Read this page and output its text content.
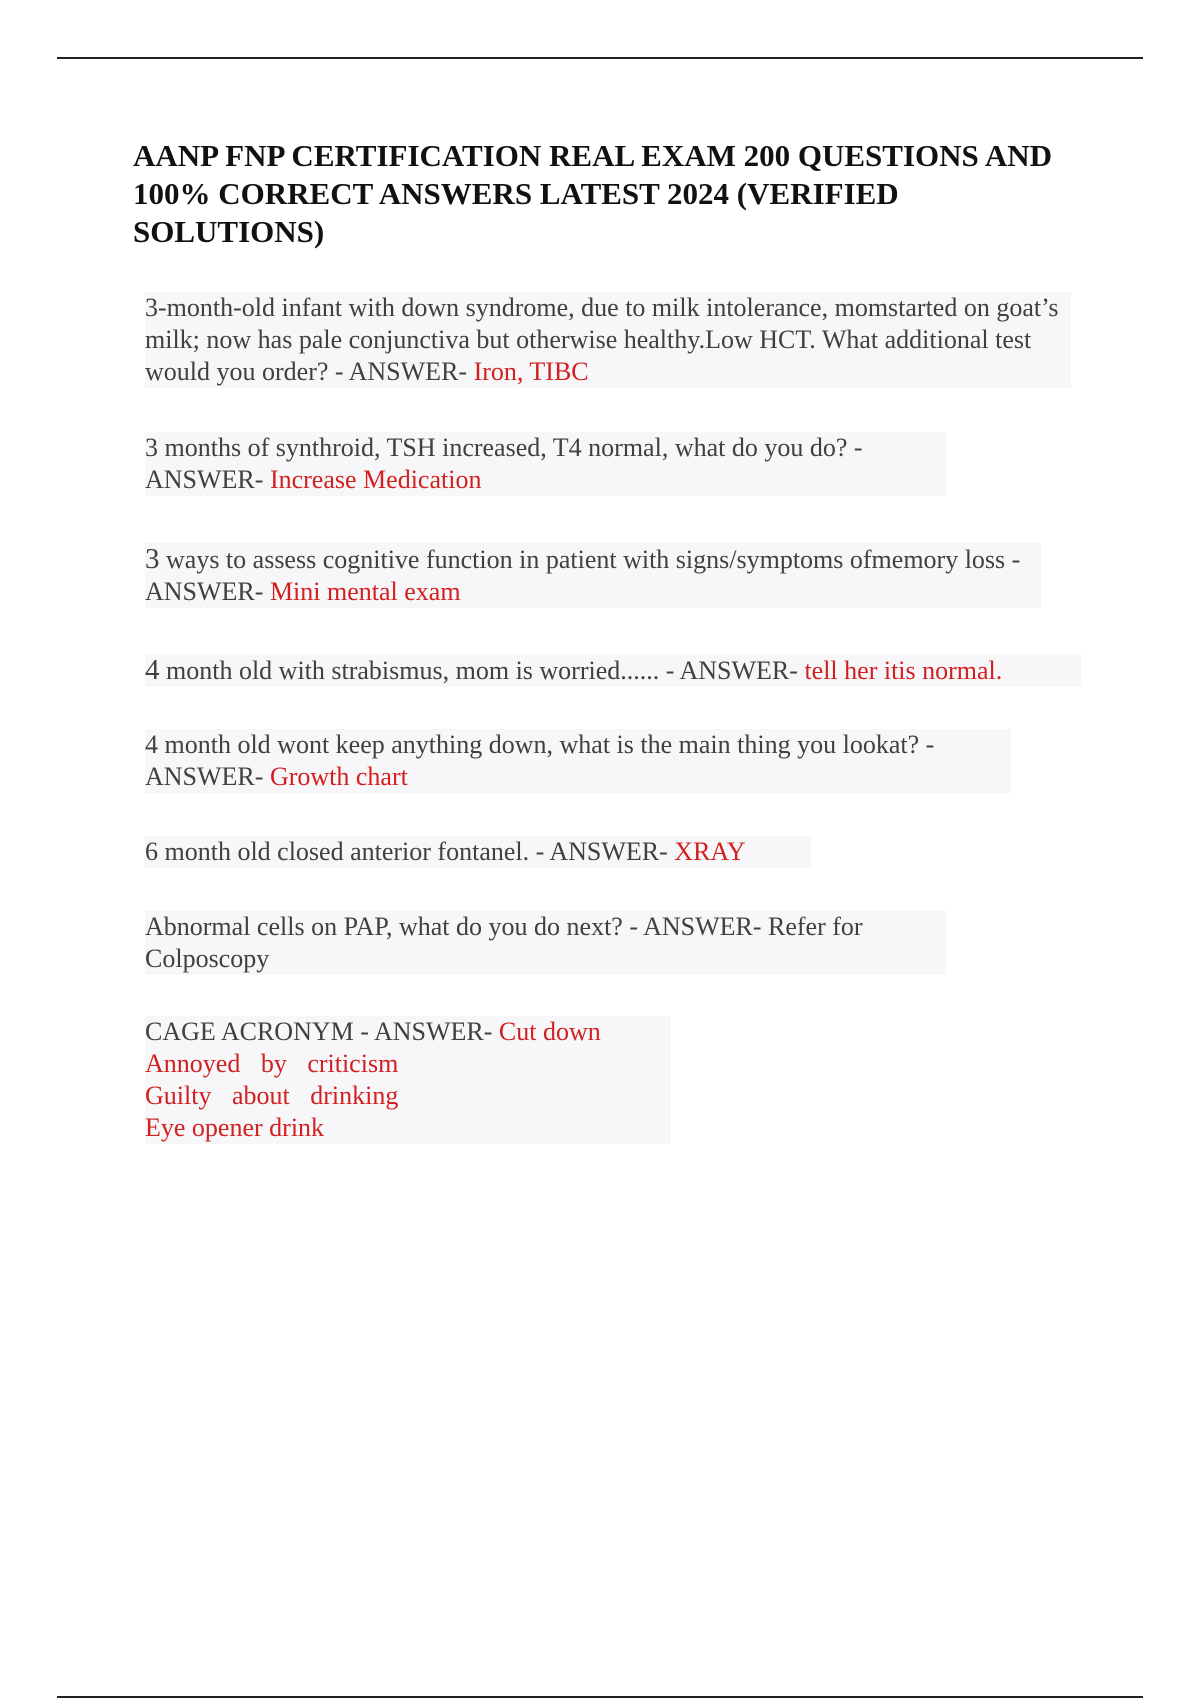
AANP FNP CERTIFICATION REAL EXAM 200 QUESTIONS AND 100% CORRECT ANSWERS LATEST 2024 (VERIFIED SOLUTIONS)

3-month-old infant with down syndrome, due to milk intolerance, momstarted on goat’s milk; now has pale conjunctiva but otherwise healthy.Low HCT. What additional test would you order? - ANSWER- Iron, TIBC

3 months of synthroid, TSH increased, T4 normal, what do you do? - ANSWER- Increase Medication

3 ways to assess cognitive function in patient with signs/symptoms ofmemory loss - ANSWER- Mini mental exam

4 month old with strabismus, mom is worried...... - ANSWER- tell her itis normal.

4 month old wont keep anything down, what is the main thing you lookat? - ANSWER- Growth chart

6 month old closed anterior fontanel. - ANSWER- XRAY

Abnormal cells on PAP, what do you do next? - ANSWER- Refer for Colposcopy

CAGE ACRONYM - ANSWER- Cut down
Annoyed by criticism
Guilty about drinking
Eye opener drink
